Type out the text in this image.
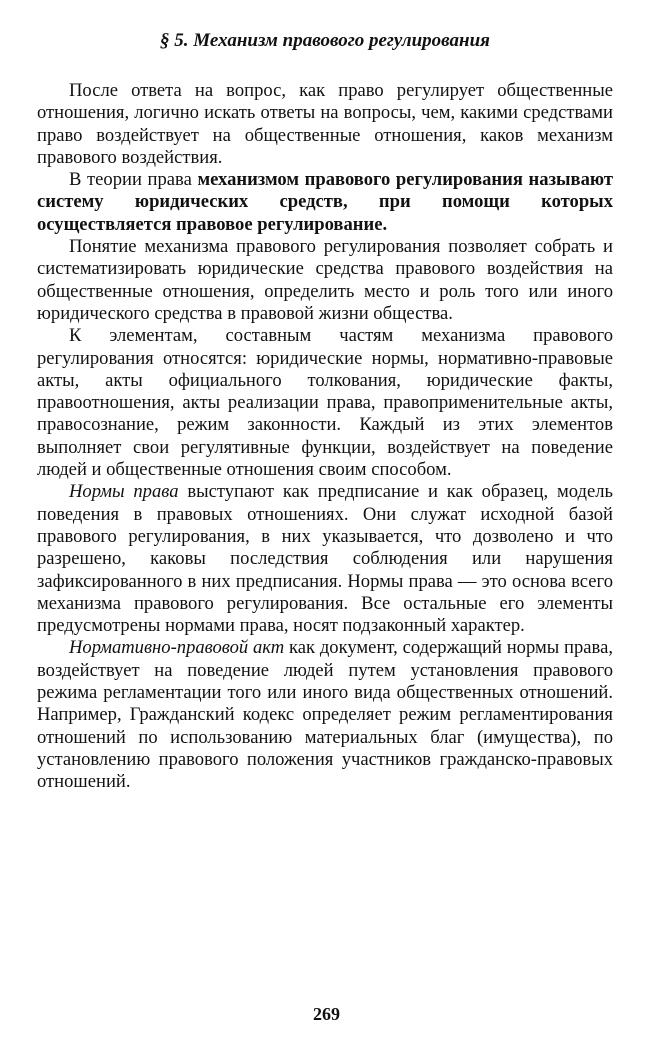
§ 5. Механизм правового регулирования

После ответа на вопрос, как право регулирует общественные отношения, логично искать ответы на вопросы, чем, какими средствами право воздействует на общественные отношения, каков механизм правового воздействия.

В теории права механизмом правового регулирования называют систему юридических средств, при помощи которых осуществляется правовое регулирование.

Понятие механизма правового регулирования позволяет собрать и систематизировать юридические средства правового воздействия на общественные отношения, определить место и роль того или иного юридического средства в правовой жизни общества.

К элементам, составным частям механизма правового регулирования относятся: юридические нормы, нормативно-правовые акты, акты официального толкования, юридические факты, правоотношения, акты реализации права, правоприменительные акты, правосознание, режим законности. Каждый из этих элементов выполняет свои регулятивные функции, воздействует на поведение людей и общественные отношения своим способом.

Нормы права выступают как предписание и как образец, модель поведения в правовых отношениях. Они служат исходной базой правового регулирования, в них указывается, что дозволено и что разрешено, каковы последствия соблюдения или нарушения зафиксированного в них предписания. Нормы права — это основа всего механизма правового регулирования. Все остальные его элементы предусмотрены нормами права, носят подзаконный характер.

Нормативно-правовой акт как документ, содержащий нормы права, воздействует на поведение людей путем установления правового режима регламентации того или иного вида общественных отношений. Например, Гражданский кодекс определяет режим регламентирования отношений по использованию материальных благ (имущества), по установлению правового положения участников гражданско-правовых отношений.

269
